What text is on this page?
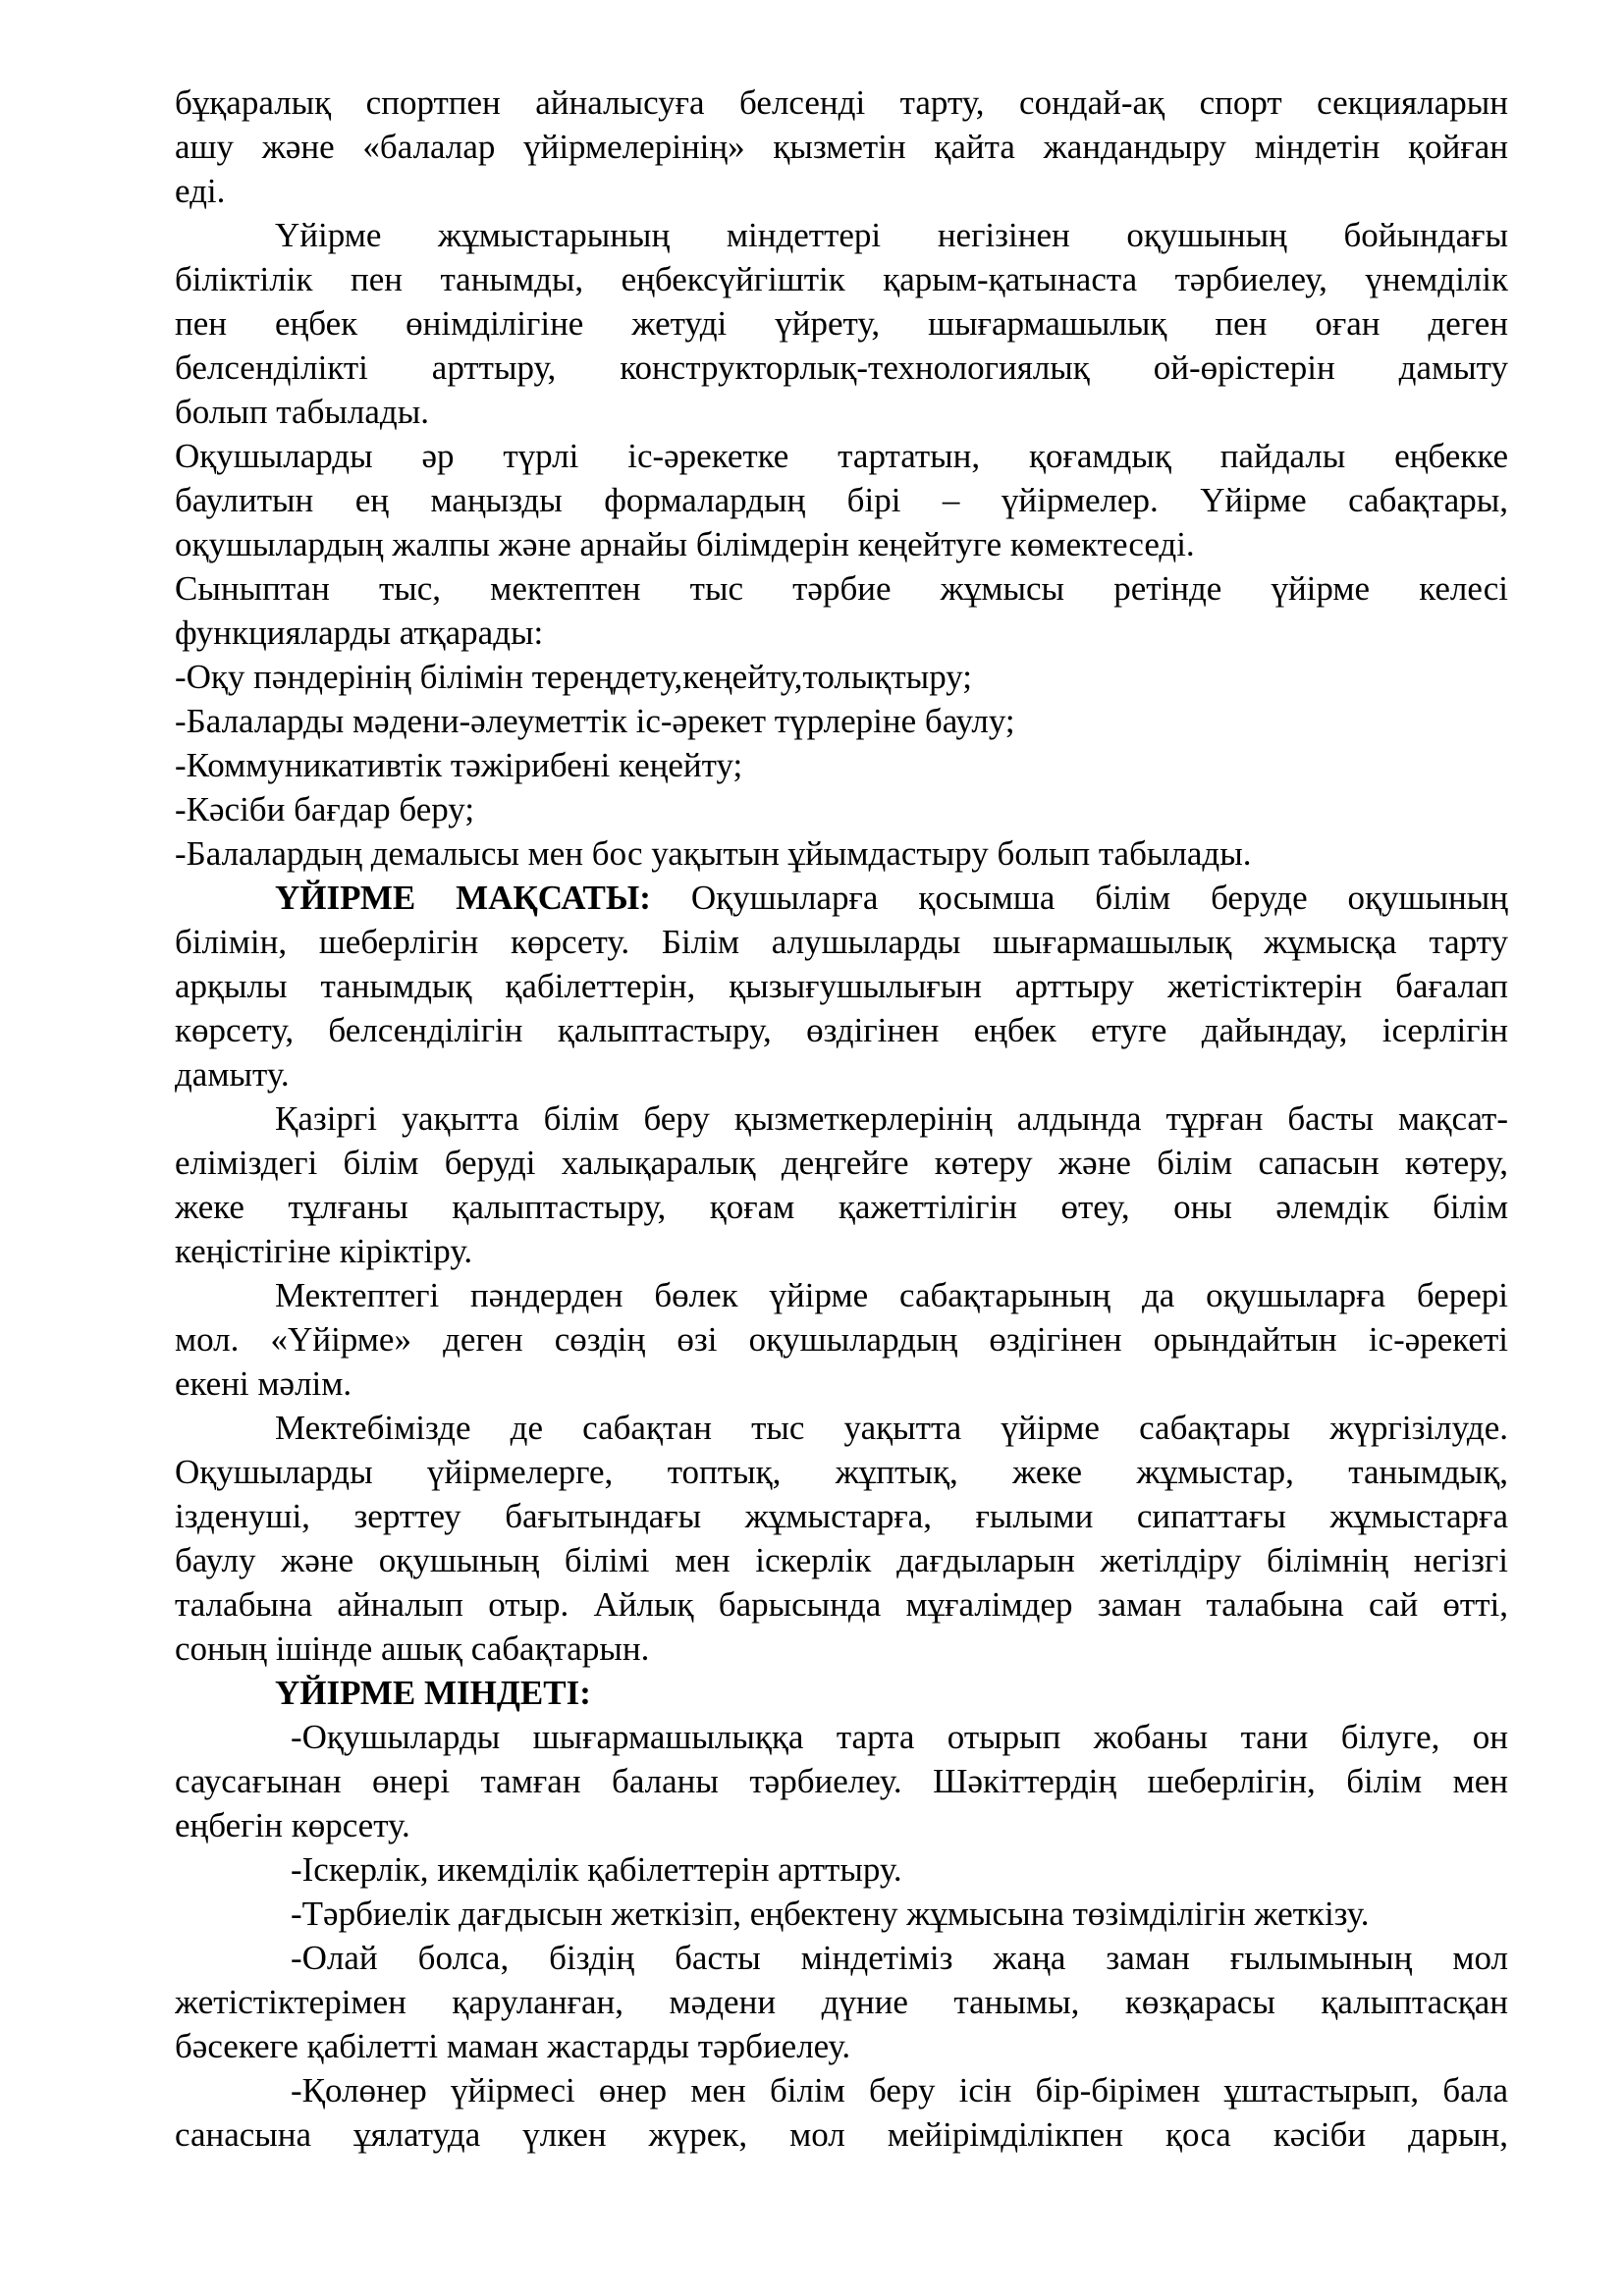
бұқаралық спортпен айналысуға белсенді тарту, сондай-ақ спорт секцияларын
ашу және «балалар үйірмелерінің» қызметін қайта жандандыру міндетін қойған
еді.
Үйірме жұмыстарының міндеттері негізінен оқушының бойындағы
біліктілік пен танымды, еңбексүйгіштік қарым-қатынаста тәрбиелеу, үнемділік
пен еңбек өнімділігіне жетуді үйрету, шығармашылық пен оған деген
белсенділікті арттыру, конструкторлық-технологиялық ой-өрістерін дамыту
болып табылады.
Оқушыларды әр түрлі іс-әрекетке тартатын, қоғамдық пайдалы еңбекке
баулитын ең маңызды формалардың бірі – үйірмелер. Үйірме сабақтары,
оқушылардың жалпы және арнайы білімдерін кеңейтуге көмектеседі.
Сыныптан тыс, мектептен тыс тәрбие жұмысы ретінде үйірме келесі
функцияларды атқарады:
-Оқу пәндерінің білімін тереңдету,кеңейту,толықтыру;
-Балаларды мәдени-әлеуметтік іс-әрекет түрлеріне баулу;
-Коммуникативтік тәжірибені кеңейту;
-Кәсіби бағдар беру;
-Балалардың демалысы мен бос уақытын ұйымдастыру болып табылады.
ҮЙІРМЕ МАҚСАТЫ: Оқушыларға қосымша білім беруде оқушының
білімін, шеберлігін көрсету. Білім алушыларды шығармашылық жұмысқа тарту
арқылы танымдық қабілеттерін, қызығушылығын арттыру жетістіктерін бағалап
көрсету, белсенділігін қалыптастыру, өздігінен еңбек етуге дайындау, ісерлігін
дамыту.
Қазіргі уақытта білім беру қызметкерлерінің алдында тұрған басты мақсат-
еліміздегі білім беруді халықаралық деңгейге көтеру және білім сапасын көтеру,
жеке тұлғаны қалыптастыру, қоғам қажеттілігін өтеу, оны әлемдік білім
кеңістігіне кіріктіру.
Мектептегі пәндерден бөлек үйірме сабақтарының да оқушыларға берері
мол. «Үйірме» деген сөздің өзі оқушылардың өздігінен орындайтын іс-әрекеті
екені мәлім.
Мектебімізде де сабақтан тыс уақытта үйірме сабақтары жүргізілуде.
Оқушыларды үйірмелерге, топтық, жұптық, жеке жұмыстар, танымдық,
ізденуші, зерттеу бағытындағы жұмыстарға, ғылыми сипаттағы жұмыстарға
баулу және оқушының білімі мен іскерлік дағдыларын жетілдіру білімнің негізгі
талабына айналып отыр. Айлық барысында мұғалімдер заман талабына сай өтті,
соның ішінде ашық сабақтарын.
ҮЙІРМЕ МІНДЕТІ:
-Оқушыларды шығармашылыққа тарта отырып жобаны тани білуге, он
саусағынан өнері тамған баланы тәрбиелеу. Шәкіттердің шеберлігін, білім мен
еңбегін көрсету.
-Іскерлік, икемділік қабілеттерін арттыру.
-Тәрбиелік дағдысын жеткізіп, еңбектену жұмысына төзімділігін жеткізу.
-Олай болса, біздің басты міндетіміз жаңа заман ғылымының мол
жетістіктерімен қаруланған, мәдени дүние танымы, көзқарасы қалыптасқан
бәсекеге қабілетті маман жастарды тәрбиелеу.
-Қолөнер үйірмесі өнер мен білім беру ісін бір-бірімен ұштастырып, бала
санасына ұялатуда үлкен жүрек, мол мейірімділікпен қоса кәсіби дарын,
